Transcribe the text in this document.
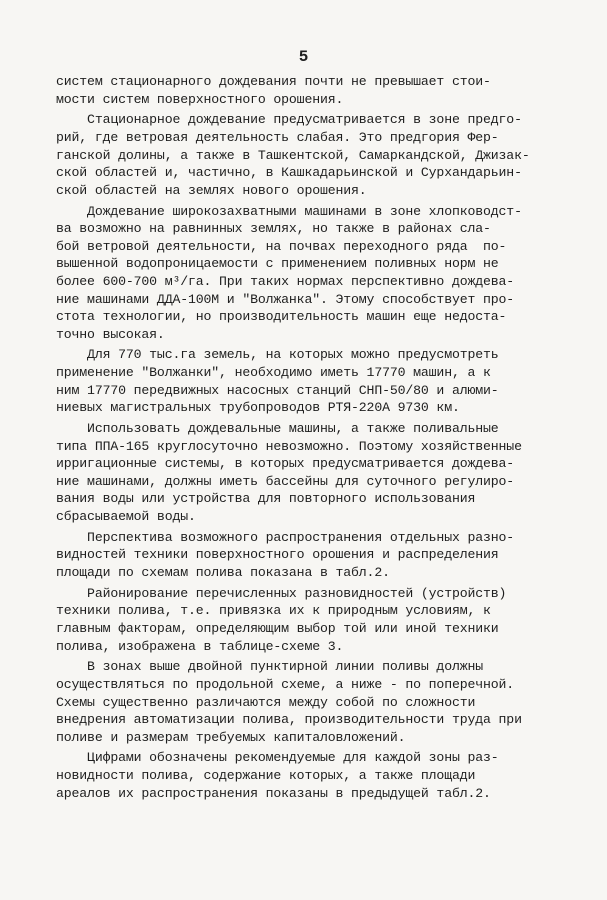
5
систем стационарного дождевания почти не превышает стои-
мости систем поверхностного орошения.
Стационарное дождевание предусматривается в зоне предго-
рий, где ветровая деятельность слабая. Это предгория Фер-
ганской долины, а также в Ташкентской, Самаркандской, Джизак-
ской областей и, частично, в Кашкадарьинской и Сурхандарьин-
ской областей на землях нового орошения.
Дождевание широкозахватными машинами в зоне хлопководст-
ва возможно на равнинных землях, но также в районах сла-
бой ветровой деятельности, на почвах переходного ряда  по-
вышенной водопроницаемости с применением поливных норм не
более 600-700 м³/га. При таких нормах перспективно дождева-
ние машинами ДДА-100М и "Волжанка". Этому способствует про-
стота технологии, но производительность машин еще недоста-
точно высокая.
Для 770 тыс.га земель, на которых можно предусмотреть
применение "Волжанки", необходимо иметь 17770 машин, а к
ним 17770 передвижных насосных станций СНП-50/80 и алюми-
ниевых магистральных трубопроводов РТЯ-220А 9730 км.
Использовать дождевальные машины, а также поливальные
типа ППА-165 круглосуточно невозможно. Поэтому хозяйственные
ирригационные системы, в которых предусматривается дождева-
ние машинами, должны иметь бассейны для суточного регулиро-
вания воды или устройства для повторного использования
сбрасываемой воды.
Перспектива возможного распространения отдельных разно-
видностей техники поверхностного орошения и распределения
площади по схемам полива показана в табл.2.
Районирование перечисленных разновидностей (устройств)
техники полива, т.е. привязка их к природным условиям, к
главным факторам, определяющим выбор той или иной техники
полива, изображена в таблице-схеме 3.
В зонах выше двойной пунктирной линии поливы должны
осуществляться по продольной схеме, а ниже - по поперечной.
Схемы существенно различаются между собой по сложности
внедрения автоматизации полива, производительности труда при
поливе и размерам требуемых капиталовложений.
Цифрами обозначены рекомендуемые для каждой зоны раз-
новидности полива, содержание которых, а также площади
ареалов их распространения показаны в предыдущей табл.2.
